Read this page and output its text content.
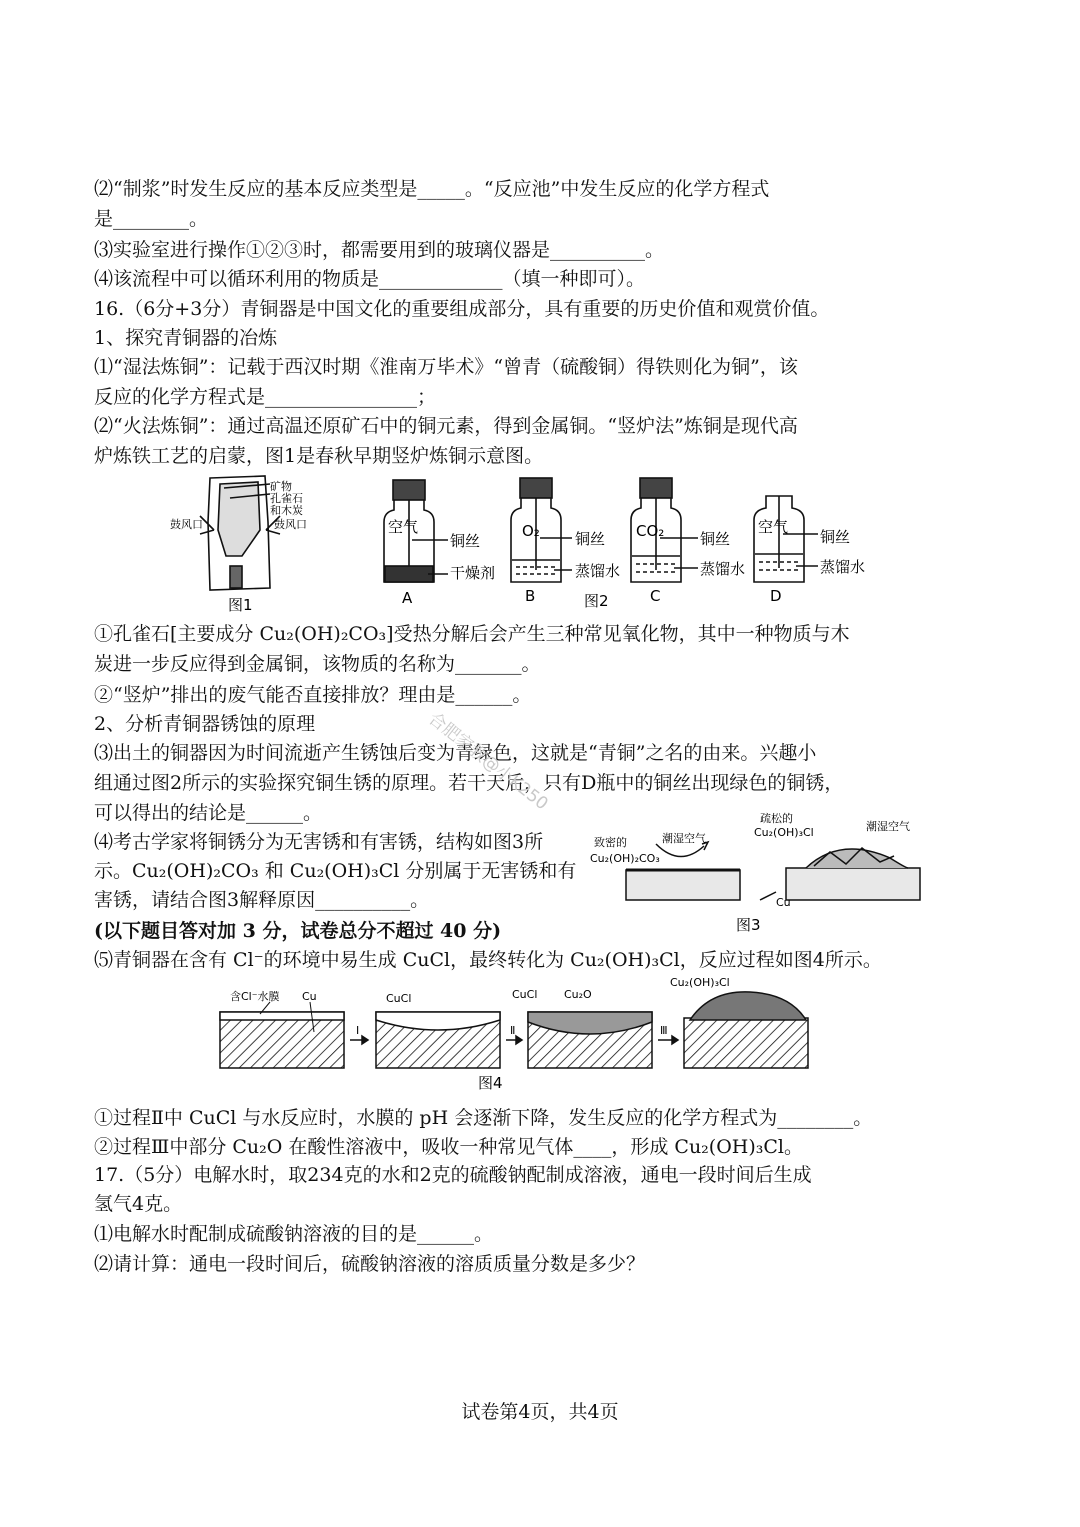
⑵“制浆”时发生反应的基本反应类型是_____。“反应池”中发生反应的化学方程式
是________。
⑶实验室进行操作①②③时，都需要用到的玻璃仪器是__________。
⑷该流程中可以循环利用的物质是_____________（填一种即可）。
16.（6分+3分）青铜器是中国文化的重要组成部分，具有重要的历史价值和观赏价值。
1、探究青铜器的冶炼
⑴“湿法炼铜”：记载于西汉时期《淮南万毕术》“曾青（硫酸铜）得铁则化为铜”，该
反应的化学方程式是________________；
⑵“火法炼铜”：通过高温还原矿石中的铜元素，得到金属铜。“竖炉法”炼铜是现代高
炉炼铁工艺的启蒙，图1是春秋早期竖炉炼铜示意图。
矿物
孔雀石
和木炭
鼓风口	鼓风口
图1
空气
铜丝
干燥剂
A
O₂ 铜丝
蒸馏水
B	图2
CO₂ 铜丝
蒸馏水
C
空气
铜丝
蒸馏水
D
①孔雀石[主要成分 Cu₂(OH)₂CO₃]受热分解后会产生三种常见氧化物，其中一种物质与木
炭进一步反应得到金属铜，该物质的名称为_______。
②“竖炉”排出的废气能否直接排放？理由是______。
2、分析青铜器锈蚀的原理
⑶出土的铜器因为时间流逝产生锈蚀后变为青绿色，这就是“青铜”之名的由来。兴趣小
组通过图2所示的实验探究铜生锈的原理。若干天后，只有D瓶中的铜丝出现绿色的铜锈，
可以得出的结论是______。
⑷考古学家将铜锈分为无害锈和有害锈，结构如图3所
示。Cu₂(OH)₂CO₃ 和 Cu₂(OH)₃Cl 分别属于无害锈和有
害锈，请结合图3解释原因__________。
(以下题目答对加 3 分，试卷总分不超过 40 分)
⑸青铜器在含有 Cl⁻的环境中易生成 CuCl，最终转化为 Cu₂(OH)₃Cl，反应过程如图4所示。
致密的
Cu₂(OH)₂CO₃
潮湿空气
疏松的
Cu₂(OH)₃Cl	潮湿空气
Cu
图3
含Cl⁻水膜 Cu	CuCl	CuCl Cu₂O
Cu₂(OH)₃Cl
Ⅰ	Ⅱ	Ⅲ
图4
①过程Ⅱ中 CuCl 与水反应时，水膜的 pH 会逐渐下降，发生反应的化学方程式为________。
②过程Ⅲ中部分 Cu₂O 在酸性溶液中，吸收一种常见气体____，形成 Cu₂(OH)₃Cl。
17.（5分）电解水时，取234克的水和2克的硫酸钠配制成溶液，通电一段时间后生成
氢气4克。
⑴电解水时配制成硫酸钠溶液的目的是______。
⑵请计算：通电一段时间后，硫酸钠溶液的溶质质量分数是多少？
合肥家教@小K250
试卷第4页，共4页
